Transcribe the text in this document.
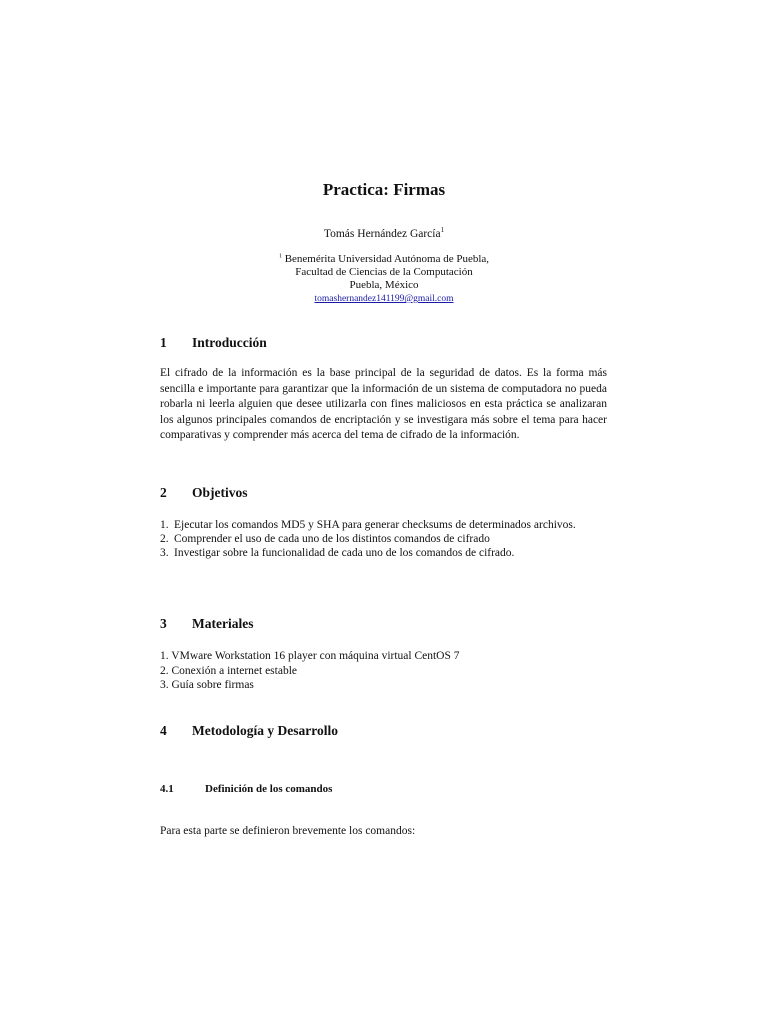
Practica: Firmas
Tomás Hernández García$^1$
$^1$ Benemérita Universidad Autónoma de Puebla,
Facultad de Ciencias de la Computación
Puebla, México
tomashernandez141199@gmail.com
1 Introducción
El cifrado de la información es la base principal de la seguridad de datos. Es la forma más sencilla e importante para garantizar que la información de un sistema de computadora no pueda robarla ni leerla alguien que desee utilizarla con fines maliciosos en esta práctica se analizaran los algunos principales comandos de encriptación y se investigara más sobre el tema para hacer comparativas y comprender más acerca del tema de cifrado de la información.
2 Objetivos
1. Ejecutar los comandos MD5 y SHA para generar checksums de determinados archivos.
2. Comprender el uso de cada uno de los distintos comandos de cifrado
3. Investigar sobre la funcionalidad de cada uno de los comandos de cifrado.
3 Materiales
1. VMware Workstation 16 player con máquina virtual CentOS 7
2. Conexión a internet estable
3. Guía sobre firmas
4 Metodología y Desarrollo
4.1	Definición de los comandos
Para esta parte se definieron brevemente los comandos:
